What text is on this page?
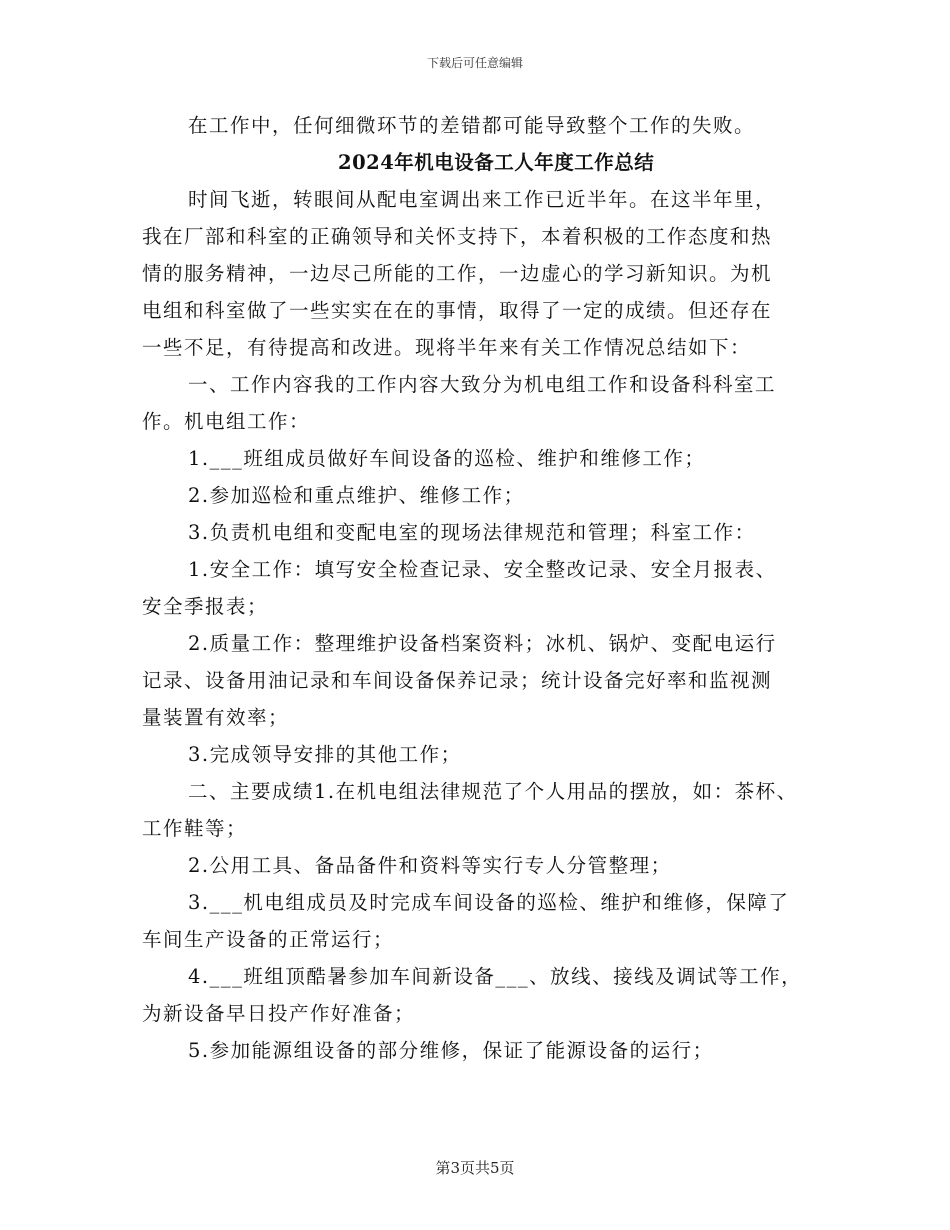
下载后可任意编辑
在工作中，任何细微环节的差错都可能导致整个工作的失败。
2024年机电设备工人年度工作总结
时间飞逝，转眼间从配电室调出来工作已近半年。在这半年里，
我在厂部和科室的正确领导和关怀支持下，本着积极的工作态度和热
情的服务精神，一边尽己所能的工作，一边虚心的学习新知识。为机
电组和科室做了一些实实在在的事情，取得了一定的成绩。但还存在
一些不足，有待提高和改进。现将半年来有关工作情况总结如下：
一、工作内容我的工作内容大致分为机电组工作和设备科科室工
作。机电组工作：
1.___班组成员做好车间设备的巡检、维护和维修工作；
2.参加巡检和重点维护、维修工作；
3.负责机电组和变配电室的现场法律规范和管理；科室工作：
1.安全工作：填写安全检查记录、安全整改记录、安全月报表、
安全季报表；
2.质量工作：整理维护设备档案资料；冰机、锅炉、变配电运行
记录、设备用油记录和车间设备保养记录；统计设备完好率和监视测
量装置有效率；
3.完成领导安排的其他工作；
二、主要成绩1.在机电组法律规范了个人用品的摆放，如：茶杯、
工作鞋等；
2.公用工具、备品备件和资料等实行专人分管整理；
3.___机电组成员及时完成车间设备的巡检、维护和维修，保障了
车间生产设备的正常运行；
4.___班组顶酷暑参加车间新设备___、放线、接线及调试等工作，
为新设备早日投产作好准备；
5.参加能源组设备的部分维修，保证了能源设备的运行；
第3页共5页
